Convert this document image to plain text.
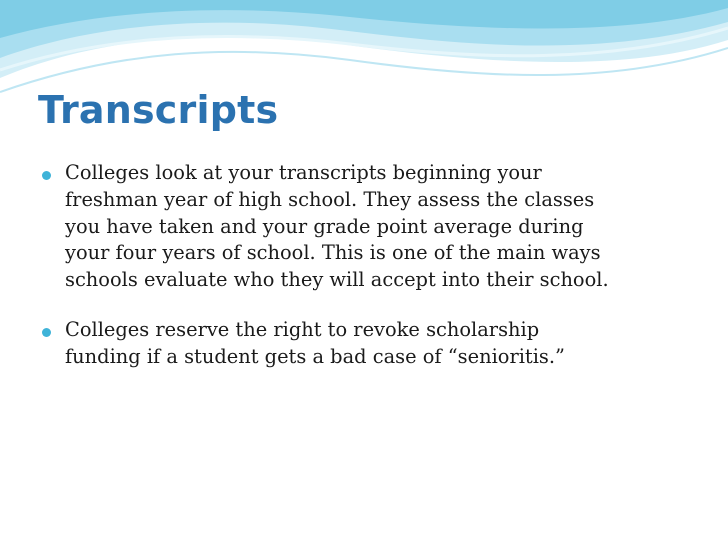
Transcripts
Colleges look at your transcripts beginning your
freshman year of high school. They assess the classes
you have taken and your grade point average during
your four years of school. This is one of the main ways
schools evaluate who they will accept into their school.
Colleges reserve the right to revoke scholarship
funding if a student gets a bad case of “senioritis.”
